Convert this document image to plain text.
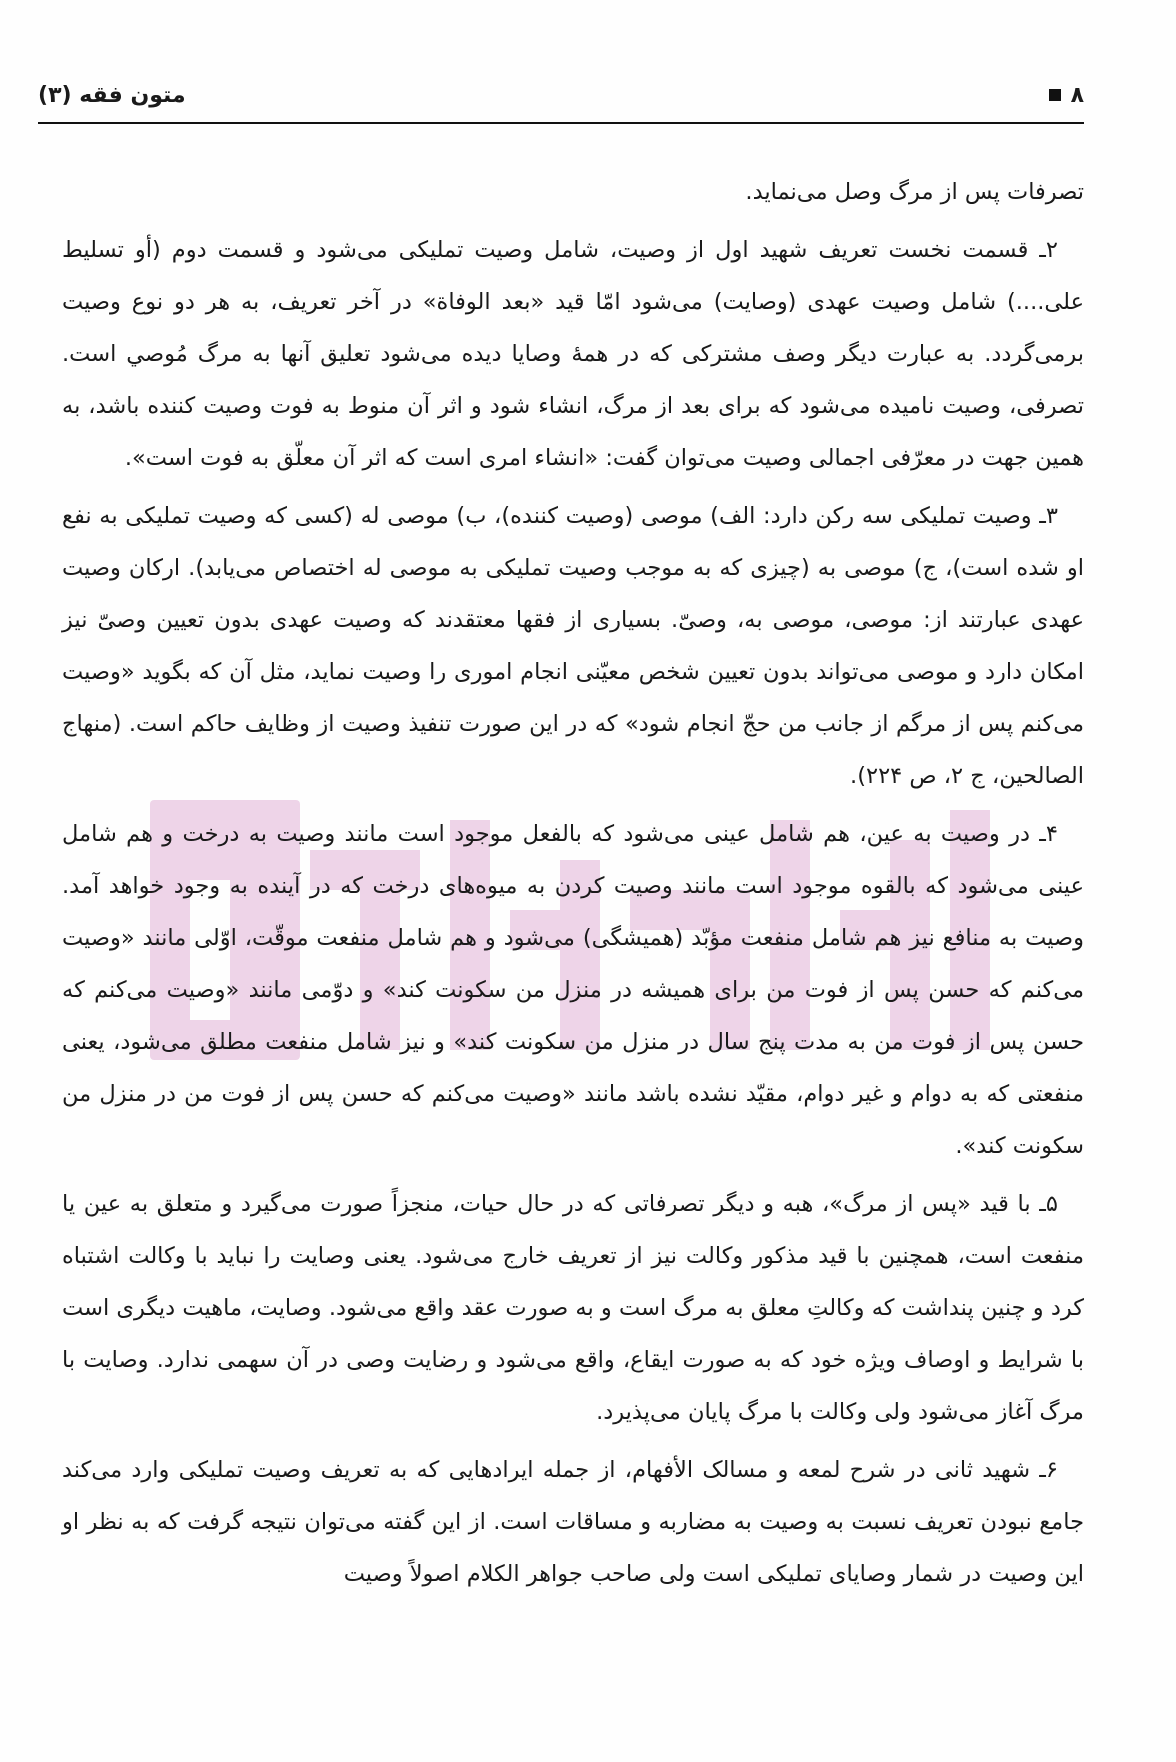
۸
متون فقه (۳)

تصرفات پس از مرگ وصل می‌نماید.

۲ـ قسمت نخست تعریف شهید اول از وصیت، شامل وصیت تملیکی می‌شود و قسمت دوم (أو تسلیط علی....) شامل وصیت عهدی (وصایت) می‌شود امّا قید «بعد الوفاة» در آخر تعریف، به هر دو نوع وصیت برمی‌گردد. به عبارت دیگر وصف مشترکی که در همهٔ وصایا دیده می‌شود تعلیق آنها به مرگ مُوصي است. تصرفی، وصیت نامیده می‌شود که برای بعد از مرگ، انشاء شود و اثر آن منوط به فوت وصیت کننده باشد، به همین جهت در معرّفی اجمالی وصیت می‌توان گفت: «انشاء امری است که اثر آن معلّق به فوت است».

۳ـ وصیت تملیکی سه رکن دارد: الف) موصی (وصیت کننده)، ب) موصی له (کسی که وصیت تملیکی به نفع او شده است)، ج) موصی به (چیزی که به موجب وصیت تملیکی به موصی له اختصاص می‌یابد). ارکان وصیت عهدی عبارتند از: موصی، موصی به، وصیّ. بسیاری از فقها معتقدند که وصیت عهدی بدون تعیین وصیّ نیز امکان دارد و موصی می‌تواند بدون تعیین شخص معیّنی انجام اموری را وصیت نماید، مثل آن که بگوید «وصیت می‌کنم پس از مرگم از جانب من حجّ انجام شود» که در این صورت تنفیذ وصیت از وظایف حاکم است. (منهاج الصالحین، ج ۲، ص ۲۲۴).

۴ـ در وصیت به عین، هم شامل عینی می‌شود که بالفعل موجود است مانند وصیت به درخت و هم شامل عینی می‌شود که بالقوه موجود است مانند وصیت کردن به میوه‌های درخت که در آینده به وجود خواهد آمد. وصیت به منافع نیز هم شامل منفعت مؤبّد (همیشگی) می‌شود و هم شامل منفعت موقّت، اوّلی مانند «وصیت می‌کنم که حسن پس از فوت من برای همیشه در منزل من سکونت کند» و دوّمی مانند «وصیت می‌کنم که حسن پس از فوت من به مدت پنج سال در منزل من سکونت کند» و نیز شامل منفعت مطلق می‌شود، یعنی منفعتی که به دوام و غیر دوام، مقیّد نشده باشد مانند «وصیت می‌کنم که حسن پس از فوت من در منزل من سکونت کند».

۵ـ با قید «پس از مرگ»، هبه و دیگر تصرفاتی که در حال حیات، منجزاً صورت می‌گیرد و متعلق به عین یا منفعت است، همچنین با قید مذکور وکالت نیز از تعریف خارج می‌شود. یعنی وصایت را نباید با وکالت اشتباه کرد و چنین پنداشت که وکالتِ معلق به مرگ است و به صورت عقد واقع می‌شود. وصایت، ماهیت دیگری است با شرایط و اوصاف ویژه خود که به صورت ایقاع، واقع می‌شود و رضایت وصی در آن سهمی ندارد. وصایت با مرگ آغاز می‌شود ولی وکالت با مرگ پایان می‌پذیرد.

۶ـ شهید ثانی در شرح لمعه و مسالک الأفهام، از جمله ایرادهایی که به تعریف وصیت تملیکی وارد می‌کند جامع نبودن تعریف نسبت به وصیت به مضاربه و مساقات است. از این گفته می‌توان نتیجه گرفت که به نظر او این وصیت در شمار وصایای تملیکی است ولی صاحب جواهر الکلام اصولاً وصیت
